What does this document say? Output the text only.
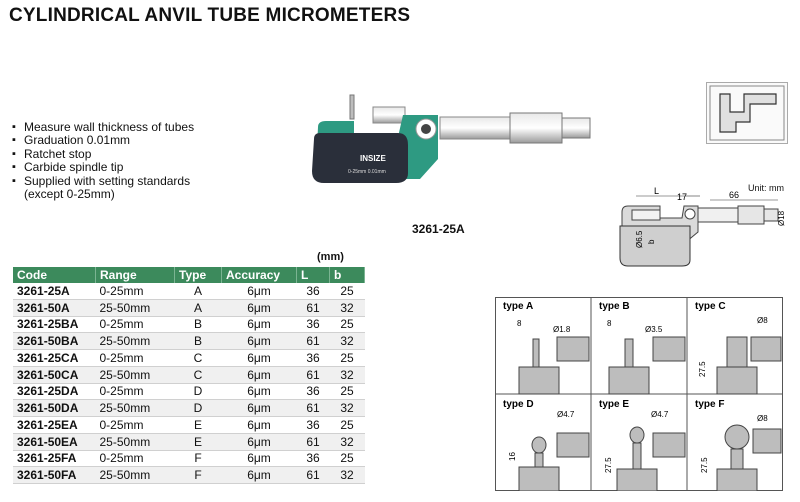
CYLINDRICAL ANVIL TUBE MICROMETERS
▪ Measure wall thickness of tubes
▪ Graduation 0.01mm
▪ Ratchet stop
▪ Carbide spindle tip
▪ Supplied with setting standards
(except 0-25mm)
INSIZE
0-25mm 0.01mm
3261-25A
L
17	66
Ø6.5 b
Ø18
Unit: mm
(mm)
Code	Range	Type	Accuracy	L	b
3261-25A	0-25mm	A	6μm	36	25
3261-50A	25-50mm	A	6μm	61	32
3261-25BA	0-25mm	B	6μm	36	25
3261-50BA	25-50mm	B	6μm	61	32
3261-25CA	0-25mm	C	6μm	36	25
3261-50CA	25-50mm	C	6μm	61	32
3261-25DA	0-25mm	D	6μm	36	25
3261-50DA	25-50mm	D	6μm	61	32
3261-25EA	0-25mm	E	6μm	36	25
3261-50EA	25-50mm	E	6μm	61	32
3261-25FA	0-25mm	F	6μm	36	25
3261-50FA	25-50mm	F	6μm	61	32
type A
8
Ø1.8
type B
8
Ø3.5
type C
Ø8
27.5
type D
Ø4.7
16
type E
Ø4.7
27.5
type F
Ø8
27.5
